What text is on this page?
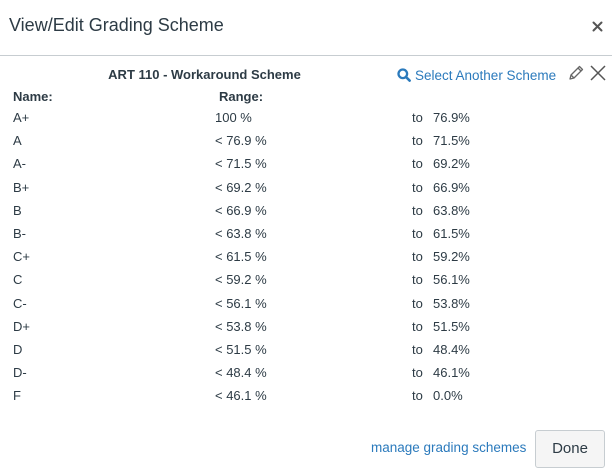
View/Edit Grading Scheme
ART 110 - Workaround Scheme	Select Another Scheme
Name:	Range:
A+	100 %	to 76.9%
A	< 76.9 %	to 71.5%
A-	< 71.5 %	to 69.2%
B+	< 69.2 %	to 66.9%
B	< 66.9 %	to 63.8%
B-	< 63.8 %	to 61.5%
C+	< 61.5 %	to 59.2%
C	< 59.2 %	to 56.1%
C-	< 56.1 %	to 53.8%
D+	< 53.8 %	to 51.5%
D	< 51.5 %	to 48.4%
D-	< 48.4 %	to 46.1%
F	< 46.1 %	to 0.0%
manage grading schemes	Done
